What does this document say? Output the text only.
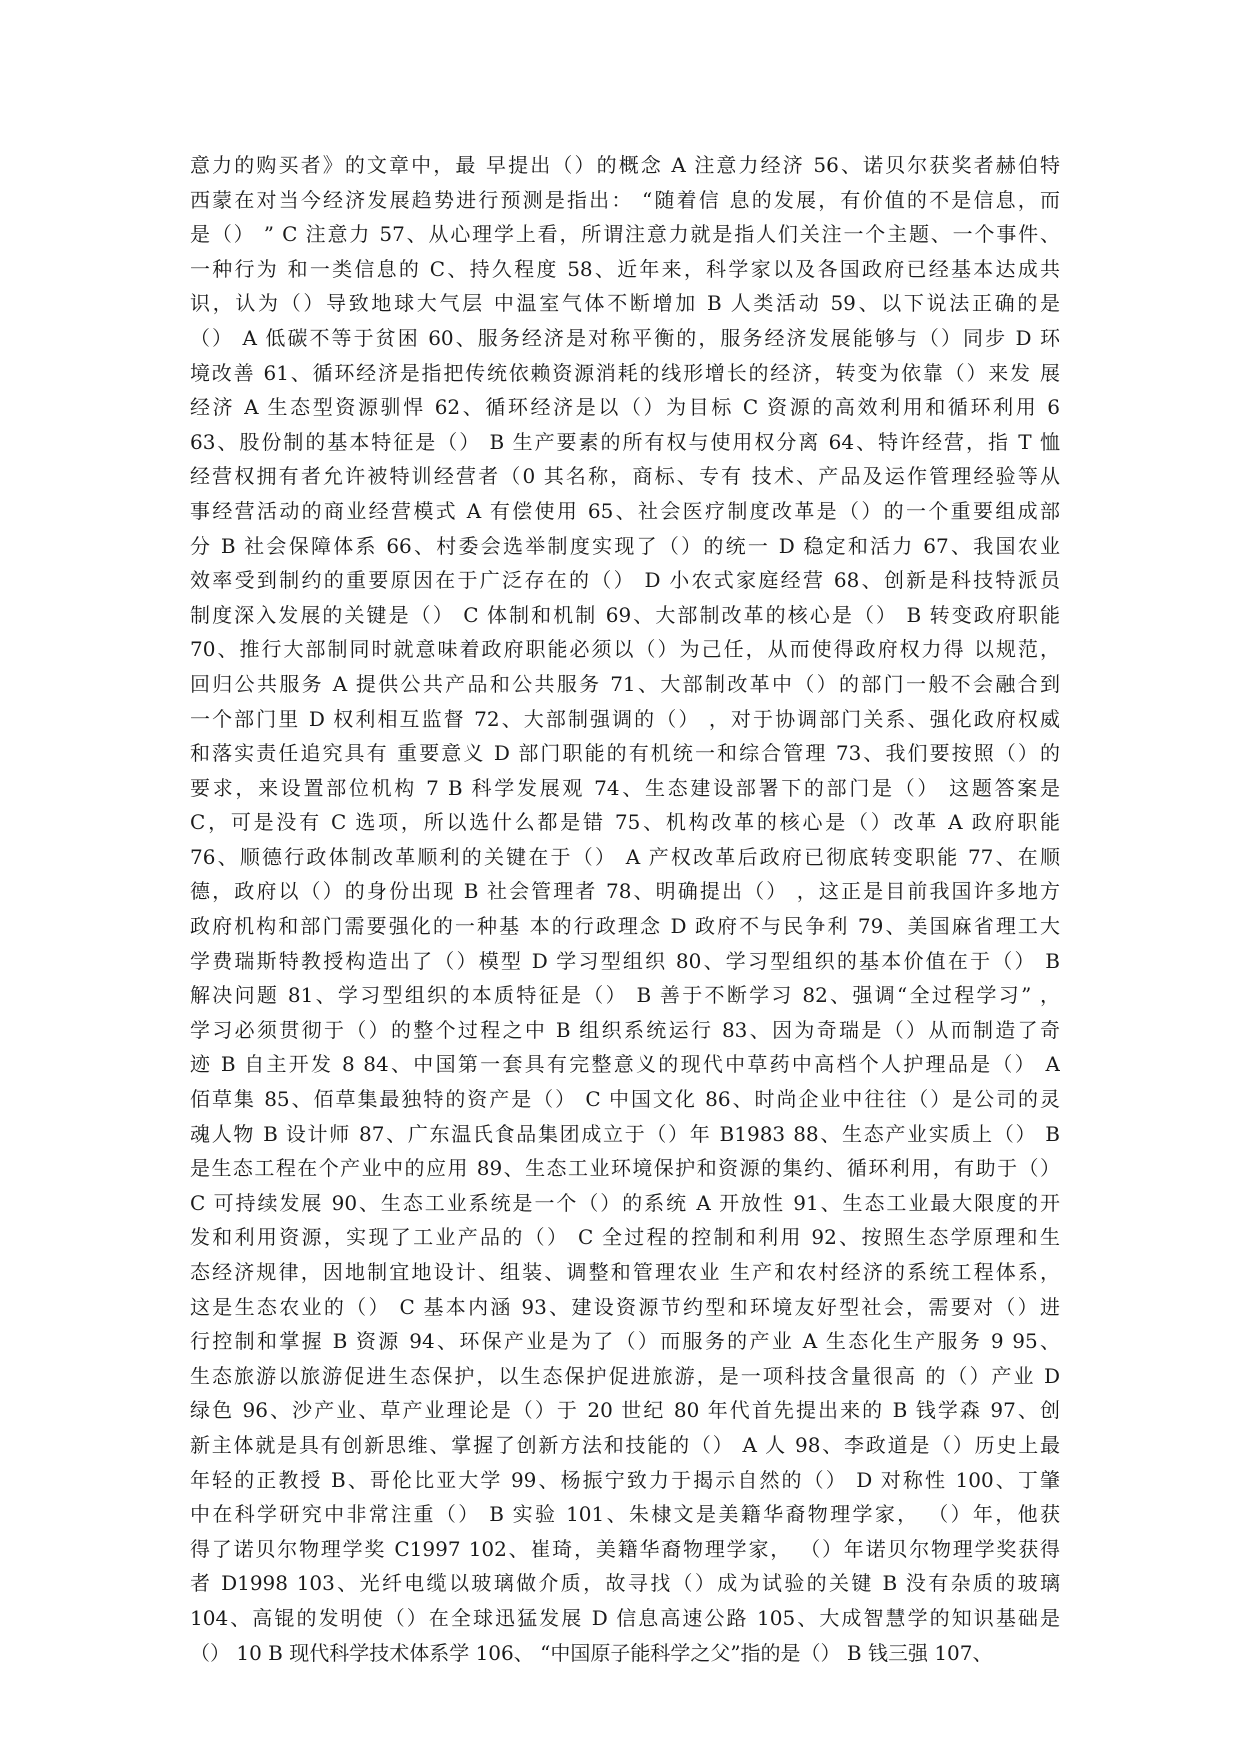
意力的购买者》的文章中，最 早提出（）的概念 A 注意力经济 56、诺贝尔获奖者赫伯特
西蒙在对当今经济发展趋势进行预测是指出： “随着信 息的发展，有价值的不是信息，而
是（） ” C 注意力 57、从心理学上看，所谓注意力就是指人们关注一个主题、一个事件、
一种行为 和一类信息的 C、持久程度 58、近年来，科学家以及各国政府已经基本达成共
识，认为（）导致地球大气层 中温室气体不断增加 B 人类活动 59、以下说法正确的是
（） A 低碳不等于贫困 60、服务经济是对称平衡的，服务经济发展能够与（）同步 D 环
境改善 61、循环经济是指把传统依赖资源消耗的线形增长的经济，转变为依靠（）来发 展
经济 A 生态型资源驯悍 62、循环经济是以（）为目标 C 资源的高效利用和循环利用 6
63、股份制的基本特征是（） B 生产要素的所有权与使用权分离 64、特许经营，指 T 恤
经营权拥有者允许被特训经营者（0 其名称，商标、专有 技术、产品及运作管理经验等从
事经营活动的商业经营模式 A 有偿使用 65、社会医疗制度改革是（）的一个重要组成部
分 B 社会保障体系 66、村委会选举制度实现了（）的统一 D 稳定和活力 67、我国农业
效率受到制约的重要原因在于广泛存在的（） D 小农式家庭经营 68、创新是科技特派员
制度深入发展的关键是（） C 体制和机制 69、大部制改革的核心是（） B 转变政府职能
70、推行大部制同时就意味着政府职能必须以（）为己任，从而使得政府权力得 以规范，
回归公共服务 A 提供公共产品和公共服务 71、大部制改革中（）的部门一般不会融合到
一个部门里 D 权利相互监督 72、大部制强调的（） ，对于协调部门关系、强化政府权威
和落实责任追究具有 重要意义 D 部门职能的有机统一和综合管理 73、我们要按照（）的
要求，来设置部位机构 7 B 科学发展观 74、生态建设部署下的部门是（） 这题答案是
C，可是没有 C 选项，所以选什么都是错 75、机构改革的核心是（）改革 A 政府职能
76、顺德行政体制改革顺利的关键在于（） A 产权改革后政府已彻底转变职能 77、在顺
德，政府以（）的身份出现 B 社会管理者 78、明确提出（） ，这正是目前我国许多地方
政府机构和部门需要强化的一种基 本的行政理念 D 政府不与民争利 79、美国麻省理工大
学费瑞斯特教授构造出了（）模型 D 学习型组织 80、学习型组织的基本价值在于（） B
解决问题 81、学习型组织的本质特征是（） B 善于不断学习 82、强调“全过程学习” ，
学习必须贯彻于（）的整个过程之中 B 组织系统运行 83、因为奇瑞是（）从而制造了奇
迹 B 自主开发 8 84、中国第一套具有完整意义的现代中草药中高档个人护理品是（） A
佰草集 85、佰草集最独特的资产是（） C 中国文化 86、时尚企业中往往（）是公司的灵
魂人物 B 设计师 87、广东温氏食品集团成立于（）年 B1983 88、生态产业实质上（） B
是生态工程在个产业中的应用 89、生态工业环境保护和资源的集约、循环利用，有助于（）
C 可持续发展 90、生态工业系统是一个（）的系统 A 开放性 91、生态工业最大限度的开
发和利用资源，实现了工业产品的（） C 全过程的控制和利用 92、按照生态学原理和生
态经济规律，因地制宜地设计、组装、调整和管理农业 生产和农村经济的系统工程体系，
这是生态农业的（） C 基本内涵 93、建设资源节约型和环境友好型社会，需要对（）进
行控制和掌握 B 资源 94、环保产业是为了（）而服务的产业 A 生态化生产服务 9 95、
生态旅游以旅游促进生态保护，以生态保护促进旅游，是一项科技含量很高 的（）产业 D
绿色 96、沙产业、草产业理论是（）于 20 世纪 80 年代首先提出来的 B 钱学森 97、创
新主体就是具有创新思维、掌握了创新方法和技能的（） A 人 98、李政道是（）历史上最
年轻的正教授 B、哥伦比亚大学 99、杨振宁致力于揭示自然的（） D 对称性 100、丁肇
中在科学研究中非常注重（） B 实验 101、朱棣文是美籍华裔物理学家， （）年，他获
得了诺贝尔物理学奖 C1997 102、崔琦，美籍华裔物理学家， （）年诺贝尔物理学奖获得
者 D1998 103、光纤电缆以玻璃做介质，故寻找（）成为试验的关键 B 没有杂质的玻璃
104、高锟的发明使（）在全球迅猛发展 D 信息高速公路 105、大成智慧学的知识基础是
（） 10 B 现代科学技术体系学 106、 “中国原子能科学之父”指的是（） B 钱三强 107、
